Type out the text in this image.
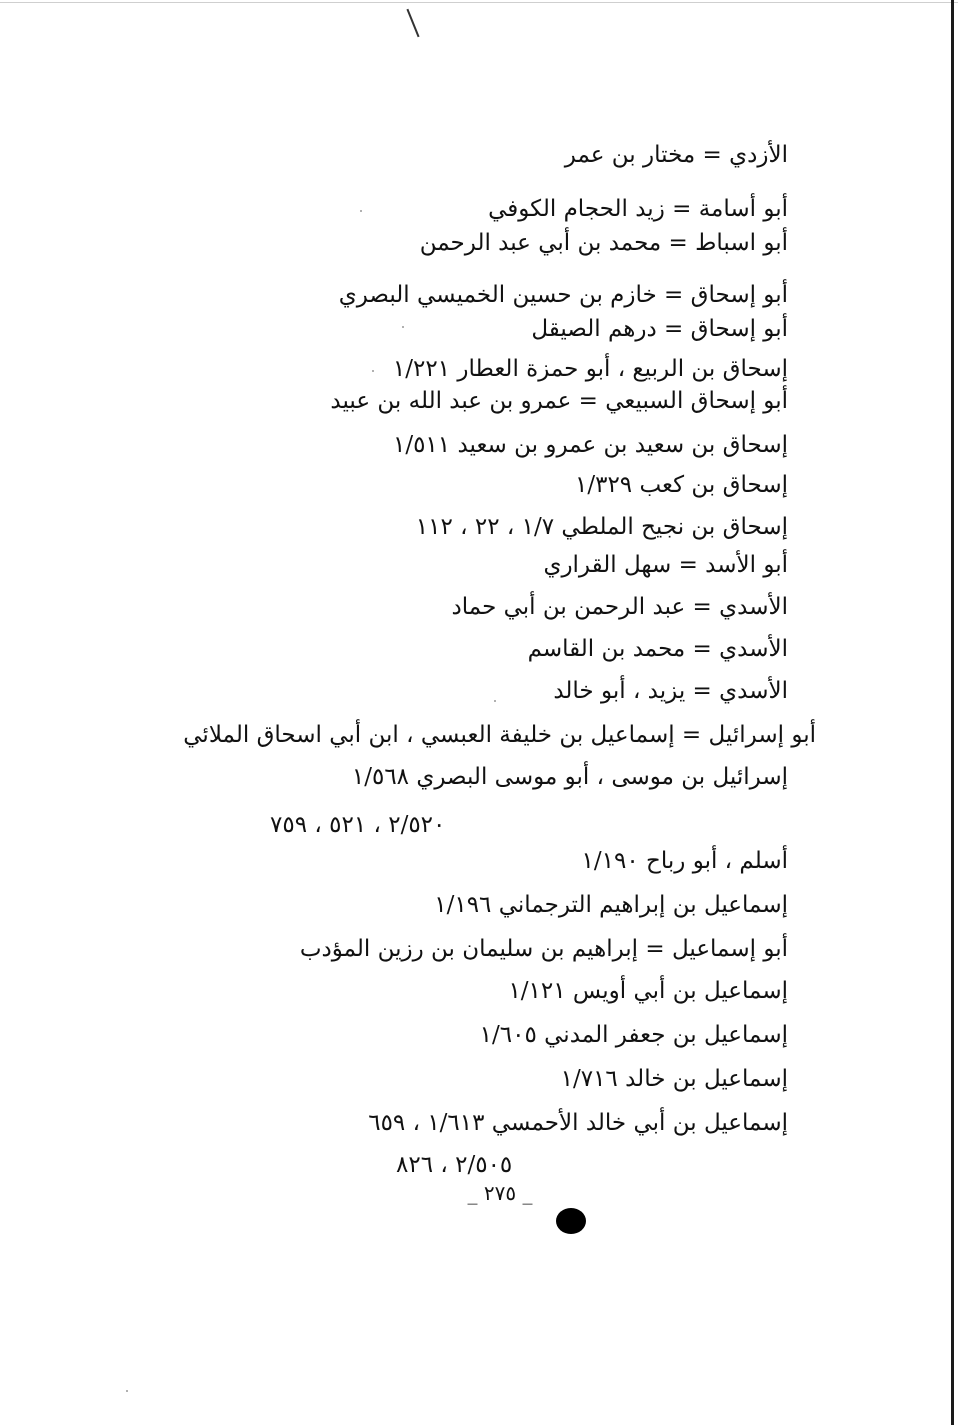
الأزدي = مختار بن عمر
أبو أسامة = زيد الحجام الكوفي
أبو اسباط = محمد بن أبي عبد الرحمن
أبو إسحاق = خازم بن حسين الخميسي البصري
أبو إسحاق = درهم الصيقل
إسحاق بن الربيع ، أبو حمزة العطار ١/٢٢١
أبو إسحاق السبيعي = عمرو بن عبد الله بن عبيد
إسحاق بن سعيد بن عمرو بن سعيد ١/٥١١
إسحاق بن كعب ١/٣٢٩
إسحاق بن نجيح الملطي ١/٧ ، ٢٢ ، ١١٢
أبو الأسد = سهل القراري
الأسدي = عبد الرحمن بن أبي حماد
الأسدي = محمد بن القاسم
الأسدي = يزيد ، أبو خالد
أبو إسرائيل = إسماعيل بن خليفة العبسي ، ابن أبي اسحاق الملائي
إسرائيل بن موسى ، أبو موسى البصري ١/٥٦٨
٢/٥٢٠ ، ٥٢١ ، ٧٥٩
أسلم ، أبو رباح ١/١٩٠
إسماعيل بن إبراهيم الترجماني ١/١٩٦
أبو إسماعيل = إبراهيم بن سليمان بن رزين المؤدب
إسماعيل بن أبي أويس ١/١٢١
إسماعيل بن جعفر المدني ١/٦٠٥
إسماعيل بن خالد ١/٧١٦
إسماعيل بن أبي خالد الأحمسي ١/٦١٣ ، ٦٥٩
٢/٥٠٥ ، ٨٢٦
_ ٢٧٥ _
